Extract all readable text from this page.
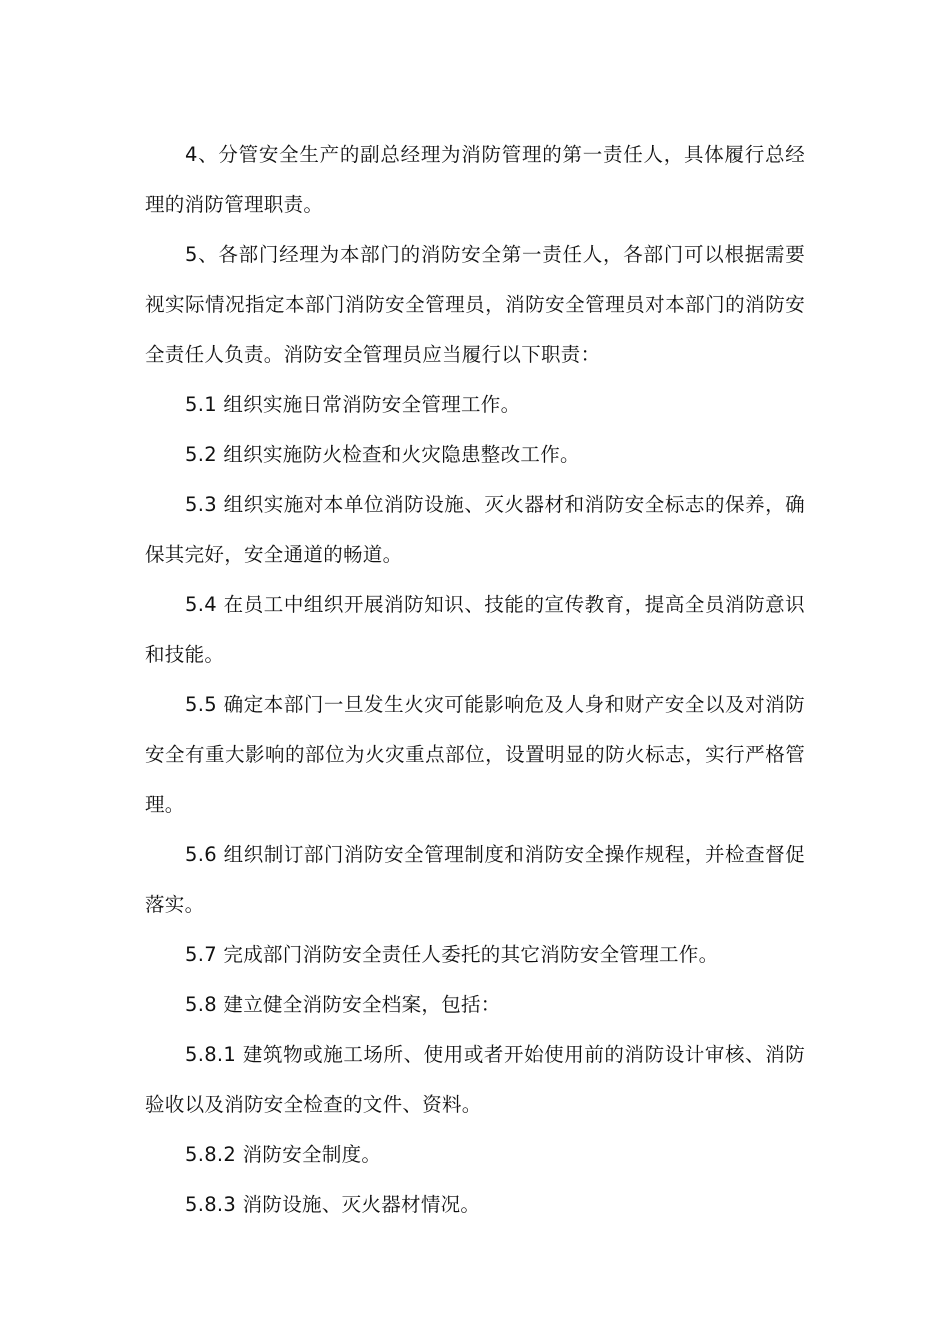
4、分管安全生产的副总经理为消防管理的第一责任人，具体履行总经理的消防管理职责。

5、各部门经理为本部门的消防安全第一责任人，各部门可以根据需要视实际情况指定本部门消防安全管理员，消防安全管理员对本部门的消防安全责任人负责。消防安全管理员应当履行以下职责：

5.1 组织实施日常消防安全管理工作。

5.2 组织实施防火检查和火灾隐患整改工作。

5.3 组织实施对本单位消防设施、灭火器材和消防安全标志的保养，确保其完好，安全通道的畅道。

5.4 在员工中组织开展消防知识、技能的宣传教育，提高全员消防意识和技能。

5.5 确定本部门一旦发生火灾可能影响危及人身和财产安全以及对消防安全有重大影响的部位为火灾重点部位，设置明显的防火标志，实行严格管理。

5.6 组织制订部门消防安全管理制度和消防安全操作规程，并检查督促落实。

5.7 完成部门消防安全责任人委托的其它消防安全管理工作。

5.8 建立健全消防安全档案，包括：

5.8.1 建筑物或施工场所、使用或者开始使用前的消防设计审核、消防验收以及消防安全检查的文件、资料。

5.8.2 消防安全制度。

5.8.3 消防设施、灭火器材情况。
